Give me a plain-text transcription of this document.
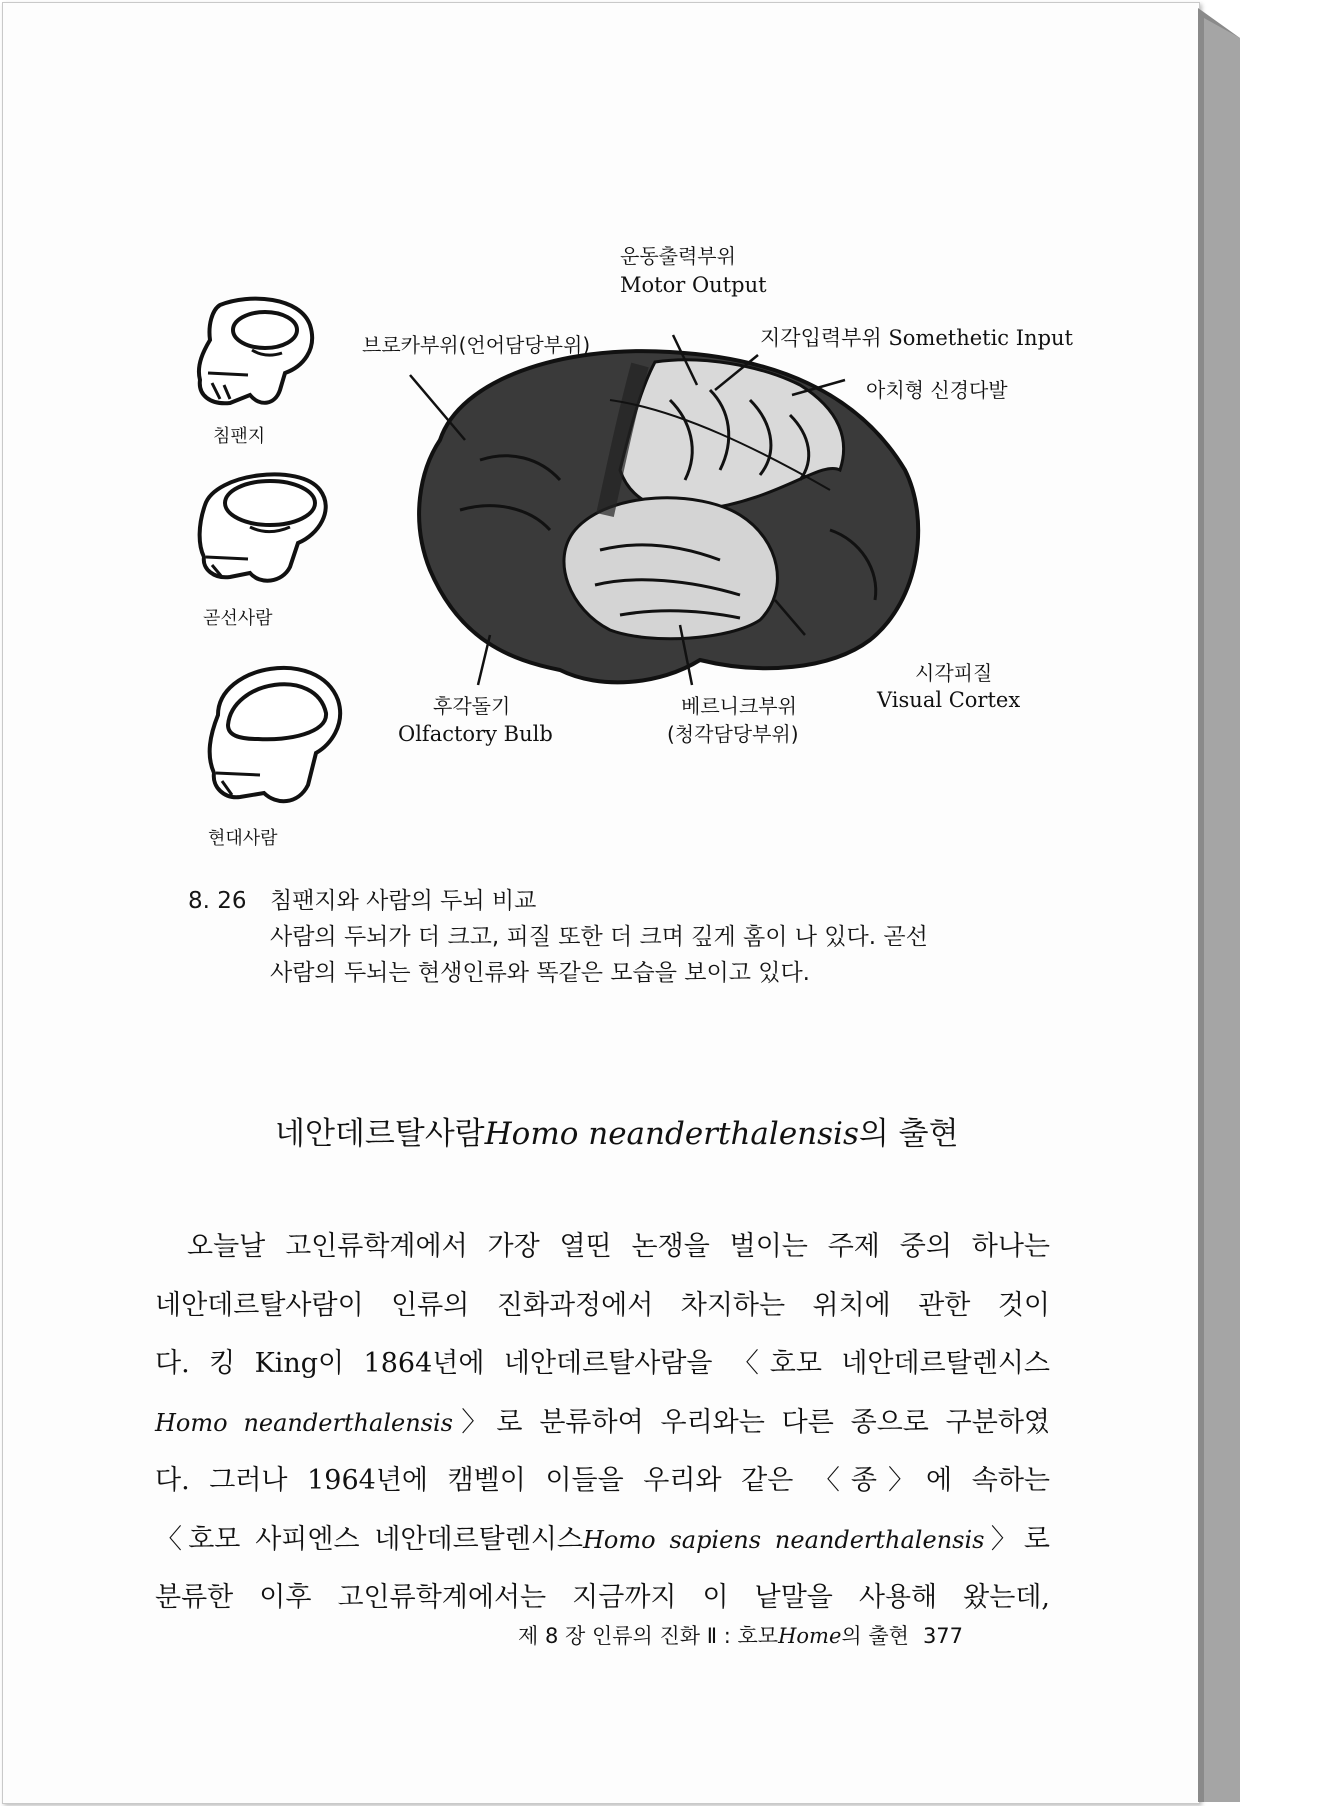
침팬지
곧선사람
현대사람
운동출력부위
Motor Output
브로카부위(언어담당부위)	지각입력부위 Somethetic Input
아치형 신경다발
시각피질
Visual Cortex
후각돌기
Olfactory Bulb
베르니크부위
(청각담당부위)
8. 26 침팬지와 사람의 두뇌 비교
사람의 두뇌가 더 크고, 피질 또한 더 크며 깊게 홈이 나 있다. 곧선
사람의 두뇌는 현생인류와 똑같은 모습을 보이고 있다.
네안데르탈사람Homo neanderthalensis의 출현
오늘날 고인류학계에서 가장 열띤 논쟁을 벌이는 주제 중의 하나는
네안데르탈사람이 인류의 진화과정에서 차지하는 위치에 관한 것이
다. 킹 King이 1864년에 네안데르탈사람을 〈호모 네안데르탈렌시스
Homo neanderthalensis〉로 분류하여 우리와는 다른 종으로 구분하였
다. 그러나 1964년에 캠벨이 이들을 우리와 같은 〈종〉에 속하는
〈호모 사피엔스 네안데르탈렌시스Homo sapiens neanderthalensis〉로
분류한 이후 고인류학계에서는 지금까지 이 낱말을 사용해 왔는데,
제 8 장 인류의 진화 Ⅱ : 호모Home의 출현 377
